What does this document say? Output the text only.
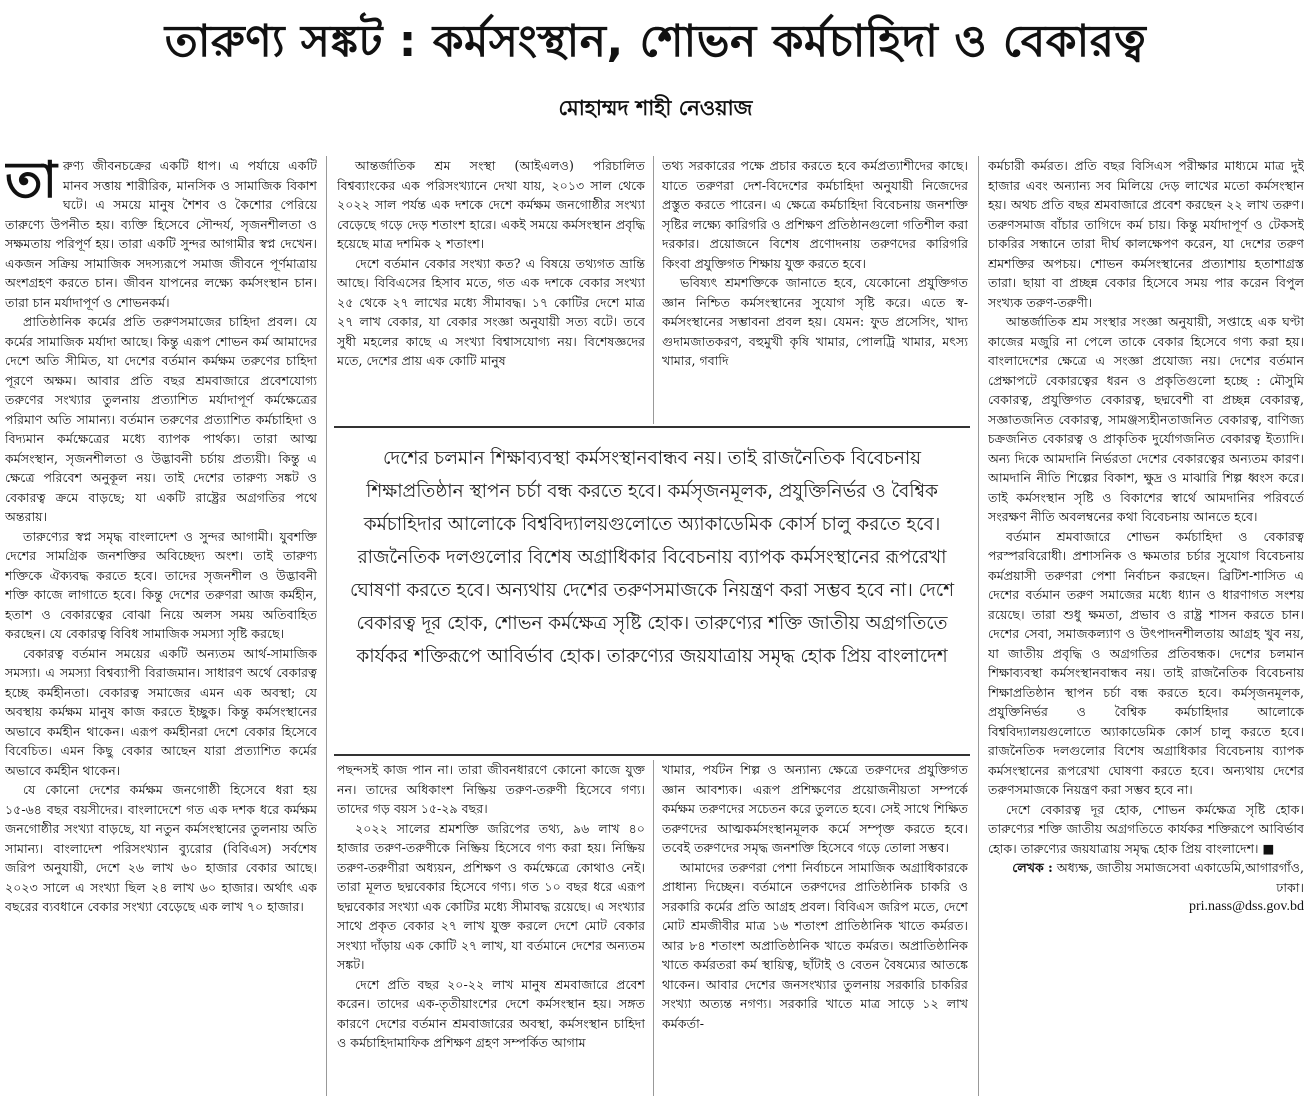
তারুণ্য সঙ্কট : কর্মসংস্থান, শোভন কর্মচাহিদা ও বেকারত্ব
মোহাম্মদ শাহী নেওয়াজ

তারুণ্য জীবনচক্রের একটি ধাপ। এ পর্যায়ে একটি মানব সত্তায় শারীরিক, মানসিক ও সামাজিক বিকাশ ঘটে। এ সময়ে মানুষ শৈশব ও কৈশোর পেরিয়ে তারুণ্যে উপনীত হয়। ব্যক্তি হিসেবে সৌন্দর্য, সৃজনশীলতা ও সক্ষমতায় পরিপূর্ণ হয়। তারা একটি সুন্দর আগামীর স্বপ্ন দেখেন। একজন সক্রিয় সামাজিক সদস্যরূপে সমাজ জীবনে পূর্ণমাত্রায় অংশগ্রহণ করতে চান। জীবন যাপনের লক্ষ্যে কর্মসংস্থান চান। তারা চান মর্যাদাপূর্ণ ও শোভনকর্ম।

প্রাতিষ্ঠানিক কর্মের প্রতি তরুণসমাজের চাহিদা প্রবল। যে কর্মের সামাজিক মর্যাদা আছে। কিন্তু এরূপ শোভন কর্ম আমাদের দেশে অতি সীমিত, যা দেশের বর্তমান কর্মক্ষম তরুণের চাহিদা পূরণে অক্ষম। আবার প্রতি বছর শ্রমবাজারে প্রবেশযোগ্য তরুণের সংখ্যার তুলনায় প্রত্যাশিত মর্যাদাপূর্ণ কর্মক্ষেত্রের পরিমাণ অতি সামান্য। বর্তমান তরুণের প্রত্যাশিত কর্মচাহিদা ও বিদ্যমান কর্মক্ষেত্রের মধ্যে ব্যাপক পার্থক্য। তারা আত্ম কর্মসংস্থান, সৃজনশীলতা ও উদ্ভাবনী চর্চায় প্রত্যয়ী। কিন্তু এ ক্ষেত্রে পরিবেশ অনুকূল নয়। তাই দেশের তারুণ্য সঙ্কট ও বেকারত্ব ক্রমে বাড়ছে; যা একটি রাষ্ট্রের অগ্রগতির পথে অন্তরায়।

তারুণ্যের স্বপ্ন সমৃদ্ধ বাংলাদেশ ও সুন্দর আগামী। যুবশক্তি দেশের সামগ্রিক জনশক্তির অবিচ্ছেদ্য অংশ। তাই তারুণ্য শক্তিকে ঐক্যবদ্ধ করতে হবে। তাদের সৃজনশীল ও উদ্ভাবনী শক্তি কাজে লাগাতে হবে। কিন্তু দেশের তরুণরা আজ কর্মহীন, হতাশ ও বেকারত্বের বোঝা নিয়ে অলস সময় অতিবাহিত করছেন। যে বেকারত্ব বিবিধ সামাজিক সমস্যা সৃষ্টি করছে।

বেকারত্ব বর্তমান সময়ের একটি অন্যতম আর্থ-সামাজিক সমস্যা। এ সমস্যা বিশ্বব্যাপী বিরাজমান। সাধারণ অর্থে বেকারত্ব হচ্ছে কর্মহীনতা। বেকারত্ব সমাজের এমন এক অবস্থা; যে অবস্থায় কর্মক্ষম মানুষ কাজ করতে ইচ্ছুক। কিন্তু কর্মসংস্থানের অভাবে কর্মহীন থাকেন। এরূপ কর্মহীনরা দেশে বেকার হিসেবে বিবেচিত। এমন কিছু বেকার আছেন যারা প্রত্যাশিত কর্মের অভাবে কর্মহীন থাকেন।

যে কোনো দেশের কর্মক্ষম জনগোষ্ঠী হিসেবে ধরা হয় ১৫-৬৪ বছর বয়সীদের। বাংলাদেশে গত এক দশক ধরে কর্মক্ষম জনগোষ্ঠীর সংখ্যা বাড়ছে, যা নতুন কর্মসংস্থানের তুলনায় অতি সামান্য। বাংলাদেশ পরিসংখ্যান ব্যুরোর (বিবিএস) সর্বশেষ জরিপ অনুযায়ী, দেশে ২৬ লাখ ৬০ হাজার বেকার আছে। ২০২৩ সালে এ সংখ্যা ছিল ২৪ লাখ ৬০ হাজার। অর্থাৎ এক বছরের ব্যবধানে বেকার সংখ্যা বেড়েছে এক লাখ ৭০ হাজার।

আন্তর্জাতিক শ্রম সংস্থা (আইএলও) পরিচালিত বিশ্বব্যাংকের এক পরিসংখ্যানে দেখা যায়, ২০১৩ সাল থেকে ২০২২ সাল পর্যন্ত এক দশকে দেশে কর্মক্ষম জনগোষ্ঠীর সংখ্যা বেড়েছে গড়ে দেড় শতাংশ হারে। একই সময়ে কর্মসংস্থান প্রবৃদ্ধি হয়েছে মাত্র দশমিক ২ শতাংশ।

দেশে বর্তমান বেকার সংখ্যা কত? এ বিষয়ে তথ্যগত ভ্রান্তি আছে। বিবিএসের হিসাব মতে, গত এক দশকে বেকার সংখ্যা ২৫ থেকে ২৭ লাখের মধ্যে সীমাবদ্ধ। ১৭ কোটির দেশে মাত্র ২৭ লাখ বেকার, যা বেকার সংজ্ঞা অনুযায়ী সত্য বটে। তবে সুধী মহলের কাছে এ সংখ্যা বিশ্বাসযোগ্য নয়। বিশেষজ্ঞদের মতে, দেশের প্রায় এক কোটি মানুষ

তথ্য সরকারের পক্ষে প্রচার করতে হবে কর্মপ্রত্যাশীদের কাছে। যাতে তরুণরা দেশ-বিদেশের কর্মচাহিদা অনুযায়ী নিজেদের প্রস্তুত করতে পারেন। এ ক্ষেত্রে কর্মচাহিদা বিবেচনায় জনশক্তি সৃষ্টির লক্ষ্যে কারিগরি ও প্রশিক্ষণ প্রতিষ্ঠানগুলো গতিশীল করা দরকার। প্রয়োজনে বিশেষ প্রণোদনায় তরুণদের কারিগরি কিংবা প্রযুক্তিগত শিক্ষায় যুক্ত করতে হবে।

ভবিষ্যৎ শ্রমশক্তিকে জানাতে হবে, যেকোনো প্রযুক্তিগত জ্ঞান নিশ্চিত কর্মসংস্থানের সুযোগ সৃষ্টি করে। এতে স্ব-কর্মসংস্থানের সম্ভাবনা প্রবল হয়। যেমন: ফুড প্রসেসিং, খাদ্য গুদামজাতকরণ, বহুমুখী কৃষি খামার, পোলট্রি খামার, মৎস্য খামার, গবাদি

দেশের চলমান শিক্ষাব্যবস্থা কর্মসংস্থানবান্ধব নয়। তাই রাজনৈতিক বিবেচনায় শিক্ষাপ্রতিষ্ঠান স্থাপন চর্চা বন্ধ করতে হবে। কর্মসৃজনমূলক, প্রযুক্তিনির্ভর ও বৈশ্বিক কর্মচাহিদার আলোকে বিশ্ববিদ্যালয়গুলোতে অ্যাকাডেমিক কোর্স চালু করতে হবে। রাজনৈতিক দলগুলোর বিশেষ অগ্রাধিকার বিবেচনায় ব্যাপক কর্মসংস্থানের রূপরেখা ঘোষণা করতে হবে। অন্যথায় দেশের তরুণসমাজকে নিয়ন্ত্রণ করা সম্ভব হবে না। দেশে বেকারত্ব দূর হোক, শোভন কর্মক্ষেত্র সৃষ্টি হোক। তারুণ্যের শক্তি জাতীয় অগ্রগতিতে কার্যকর শক্তিরূপে আবির্ভাব হোক। তারুণ্যের জয়যাত্রায় সমৃদ্ধ হোক প্রিয় বাংলাদেশ

পছন্দসই কাজ পান না। তারা জীবনধারণে কোনো কাজে যুক্ত নন। তাদের অধিকাংশ নিষ্ক্রিয় তরুণ-তরুণী হিসেবে গণ্য। তাদের গড় বয়স ১৫-২৯ বছর।

২০২২ সালের শ্রমশক্তি জরিপের তথ্য, ৯৬ লাখ ৪০ হাজার তরুণ-তরুণীকে নিষ্ক্রিয় হিসেবে গণ্য করা হয়। নিষ্ক্রিয় তরুণ-তরুণীরা অধ্যয়ন, প্রশিক্ষণ ও কর্মক্ষেত্রে কোথাও নেই। তারা মূলত ছদ্মবেকার হিসেবে গণ্য। গত ১০ বছর ধরে এরূপ ছদ্মবেকার সংখ্যা এক কোটির মধ্যে সীমাবদ্ধ রয়েছে। এ সংখ্যার সাথে প্রকৃত বেকার ২৭ লাখ যুক্ত করলে দেশে মোট বেকার সংখ্যা দাঁড়ায় এক কোটি ২৭ লাখ, যা বর্তমানে দেশের অন্যতম সঙ্কট।

দেশে প্রতি বছর ২০-২২ লাখ মানুষ শ্রমবাজারে প্রবেশ করেন। তাদের এক-তৃতীয়াংশের দেশে কর্মসংস্থান হয়। সঙ্গত কারণে দেশের বর্তমান শ্রমবাজারের অবস্থা, কর্মসংস্থান চাহিদা ও কর্মচাহিদামাফিক প্রশিক্ষণ গ্রহণ সম্পর্কিত আগাম

খামার, পর্যটন শিল্প ও অন্যান্য ক্ষেত্রে তরুণদের প্রযুক্তিগত জ্ঞান আবশ্যক। এরূপ প্রশিক্ষণের প্রয়োজনীয়তা সম্পর্কে কর্মক্ষম তরুণদের সচেতন করে তুলতে হবে। সেই সাথে শিক্ষিত তরুণদের আত্মকর্মসংস্থানমূলক কর্মে সম্পৃক্ত করতে হবে। তবেই তরুণদের সমৃদ্ধ জনশক্তি হিসেবে গড়ে তোলা সম্ভব।

আমাদের তরুণরা পেশা নির্বাচনে সামাজিক অগ্রাধিকারকে প্রাধান্য দিচ্ছেন। বর্তমানে তরুণদের প্রাতিষ্ঠানিক চাকরি ও সরকারি কর্মের প্রতি আগ্রহ প্রবল। বিবিএস জরিপ মতে, দেশে মোট শ্রমজীবীর মাত্র ১৬ শতাংশ প্রাতিষ্ঠানিক খাতে কর্মরত। আর ৮৪ শতাংশ অপ্রাতিষ্ঠানিক খাতে কর্মরত। অপ্রাতিষ্ঠানিক খাতে কর্মরতরা কর্ম স্থায়িত্ব, ছাঁটাই ও বেতন বৈষম্যের আতঙ্কে থাকেন। আবার দেশের জনসংখ্যার তুলনায় সরকারি চাকরির সংখ্যা অত্যন্ত নগণ্য। সরকারি খাতে মাত্র সাড়ে ১২ লাখ কর্মকর্তা-

কর্মচারী কর্মরত। প্রতি বছর বিসিএস পরীক্ষার মাধ্যমে মাত্র দুই হাজার এবং অন্যান্য সব মিলিয়ে দেড় লাখের মতো কর্মসংস্থান হয়। অথচ প্রতি বছর শ্রমবাজারে প্রবেশ করছেন ২২ লাখ তরুণ। তরুণসমাজ বাঁচার তাগিদে কর্ম চায়। কিন্তু মর্যাদাপূর্ণ ও টেকসই চাকরির সন্ধানে তারা দীর্ঘ কালক্ষেপণ করেন, যা দেশের তরুণ শ্রমশক্তির অপচয়। শোভন কর্মসংস্থানের প্রত্যাশায় হতাশাগ্রস্ত তারা। ছায়া বা প্রচ্ছন্ন বেকার হিসেবে সময় পার করেন বিপুল সংখ্যক তরুণ-তরুণী।

আন্তর্জাতিক শ্রম সংস্থার সংজ্ঞা অনুযায়ী, সপ্তাহে এক ঘণ্টা কাজের মজুরি না পেলে তাকে বেকার হিসেবে গণ্য করা হয়। বাংলাদেশের ক্ষেত্রে এ সংজ্ঞা প্রযোজ্য নয়। দেশের বর্তমান প্রেক্ষাপটে বেকারত্বের ধরন ও প্রকৃতিগুলো হচ্ছে : মৌসুমি বেকারত্ব, প্রযুক্তিগত বেকারত্ব, ছদ্মবেশী বা প্রচ্ছন্ন বেকারত্ব, সজ্ঞাতজনিত বেকারত্ব, সামঞ্জস্যহীনতাজনিত বেকারত্ব, বাণিজ্য চক্রজনিত বেকারত্ব ও প্রাকৃতিক দুর্যোগজনিত বেকারত্ব ইত্যাদি। অন্য দিকে আমদানি নির্ভরতা দেশের বেকারত্বের অন্যতম কারণ। আমদানি নীতি শিল্পের বিকাশ, ক্ষুদ্র ও মাঝারি শিল্প ধ্বংস করে। তাই কর্মসংস্থান সৃষ্টি ও বিকাশের স্বার্থে আমদানির পরিবর্তে সংরক্ষণ নীতি অবলম্বনের কথা বিবেচনায় আনতে হবে।

বর্তমান শ্রমবাজারে শোভন কর্মচাহিদা ও বেকারত্ব পরস্পরবিরোধী। প্রশাসনিক ও ক্ষমতার চর্চার সুযোগ বিবেচনায় কর্মপ্রয়াসী তরুণরা পেশা নির্বাচন করছেন। ব্রিটিশ-শাসিত এ দেশের বর্তমান তরুণ সমাজের মধ্যে ধ্যান ও ধারণাগত সংশয় রয়েছে। তারা শুধু ক্ষমতা, প্রভাব ও রাষ্ট্র শাসন করতে চান। দেশের সেবা, সমাজকল্যাণ ও উৎপাদনশীলতায় আগ্রহ খুব নয়, যা জাতীয় প্রবৃদ্ধি ও অগ্রগতির প্রতিবন্ধক। দেশের চলমান শিক্ষাব্যবস্থা কর্মসংস্থানবান্ধব নয়। তাই রাজনৈতিক বিবেচনায় শিক্ষাপ্রতিষ্ঠান স্থাপন চর্চা বন্ধ করতে হবে। কর্মসৃজনমূলক, প্রযুক্তিনির্ভর ও বৈশ্বিক কর্মচাহিদার আলোকে বিশ্ববিদ্যালয়গুলোতে অ্যাকাডেমিক কোর্স চালু করতে হবে। রাজনৈতিক দলগুলোর বিশেষ অগ্রাধিকার বিবেচনায় ব্যাপক কর্মসংস্থানের রূপরেখা ঘোষণা করতে হবে। অন্যথায় দেশের তরুণসমাজকে নিয়ন্ত্রণ করা সম্ভব হবে না।

দেশে বেকারত্ব দূর হোক, শোভন কর্মক্ষেত্র সৃষ্টি হোক। তারুণ্যের শক্তি জাতীয় অগ্রগতিতে কার্যকর শক্তিরূপে আবির্ভাব হোক। তারুণ্যের জয়যাত্রায় সমৃদ্ধ হোক প্রিয় বাংলাদেশ। ■

লেখক : অধ্যক্ষ, জাতীয় সমাজসেবা একাডেমি,আগারগাঁও, ঢাকা।

pri.nass@dss.gov.bd
